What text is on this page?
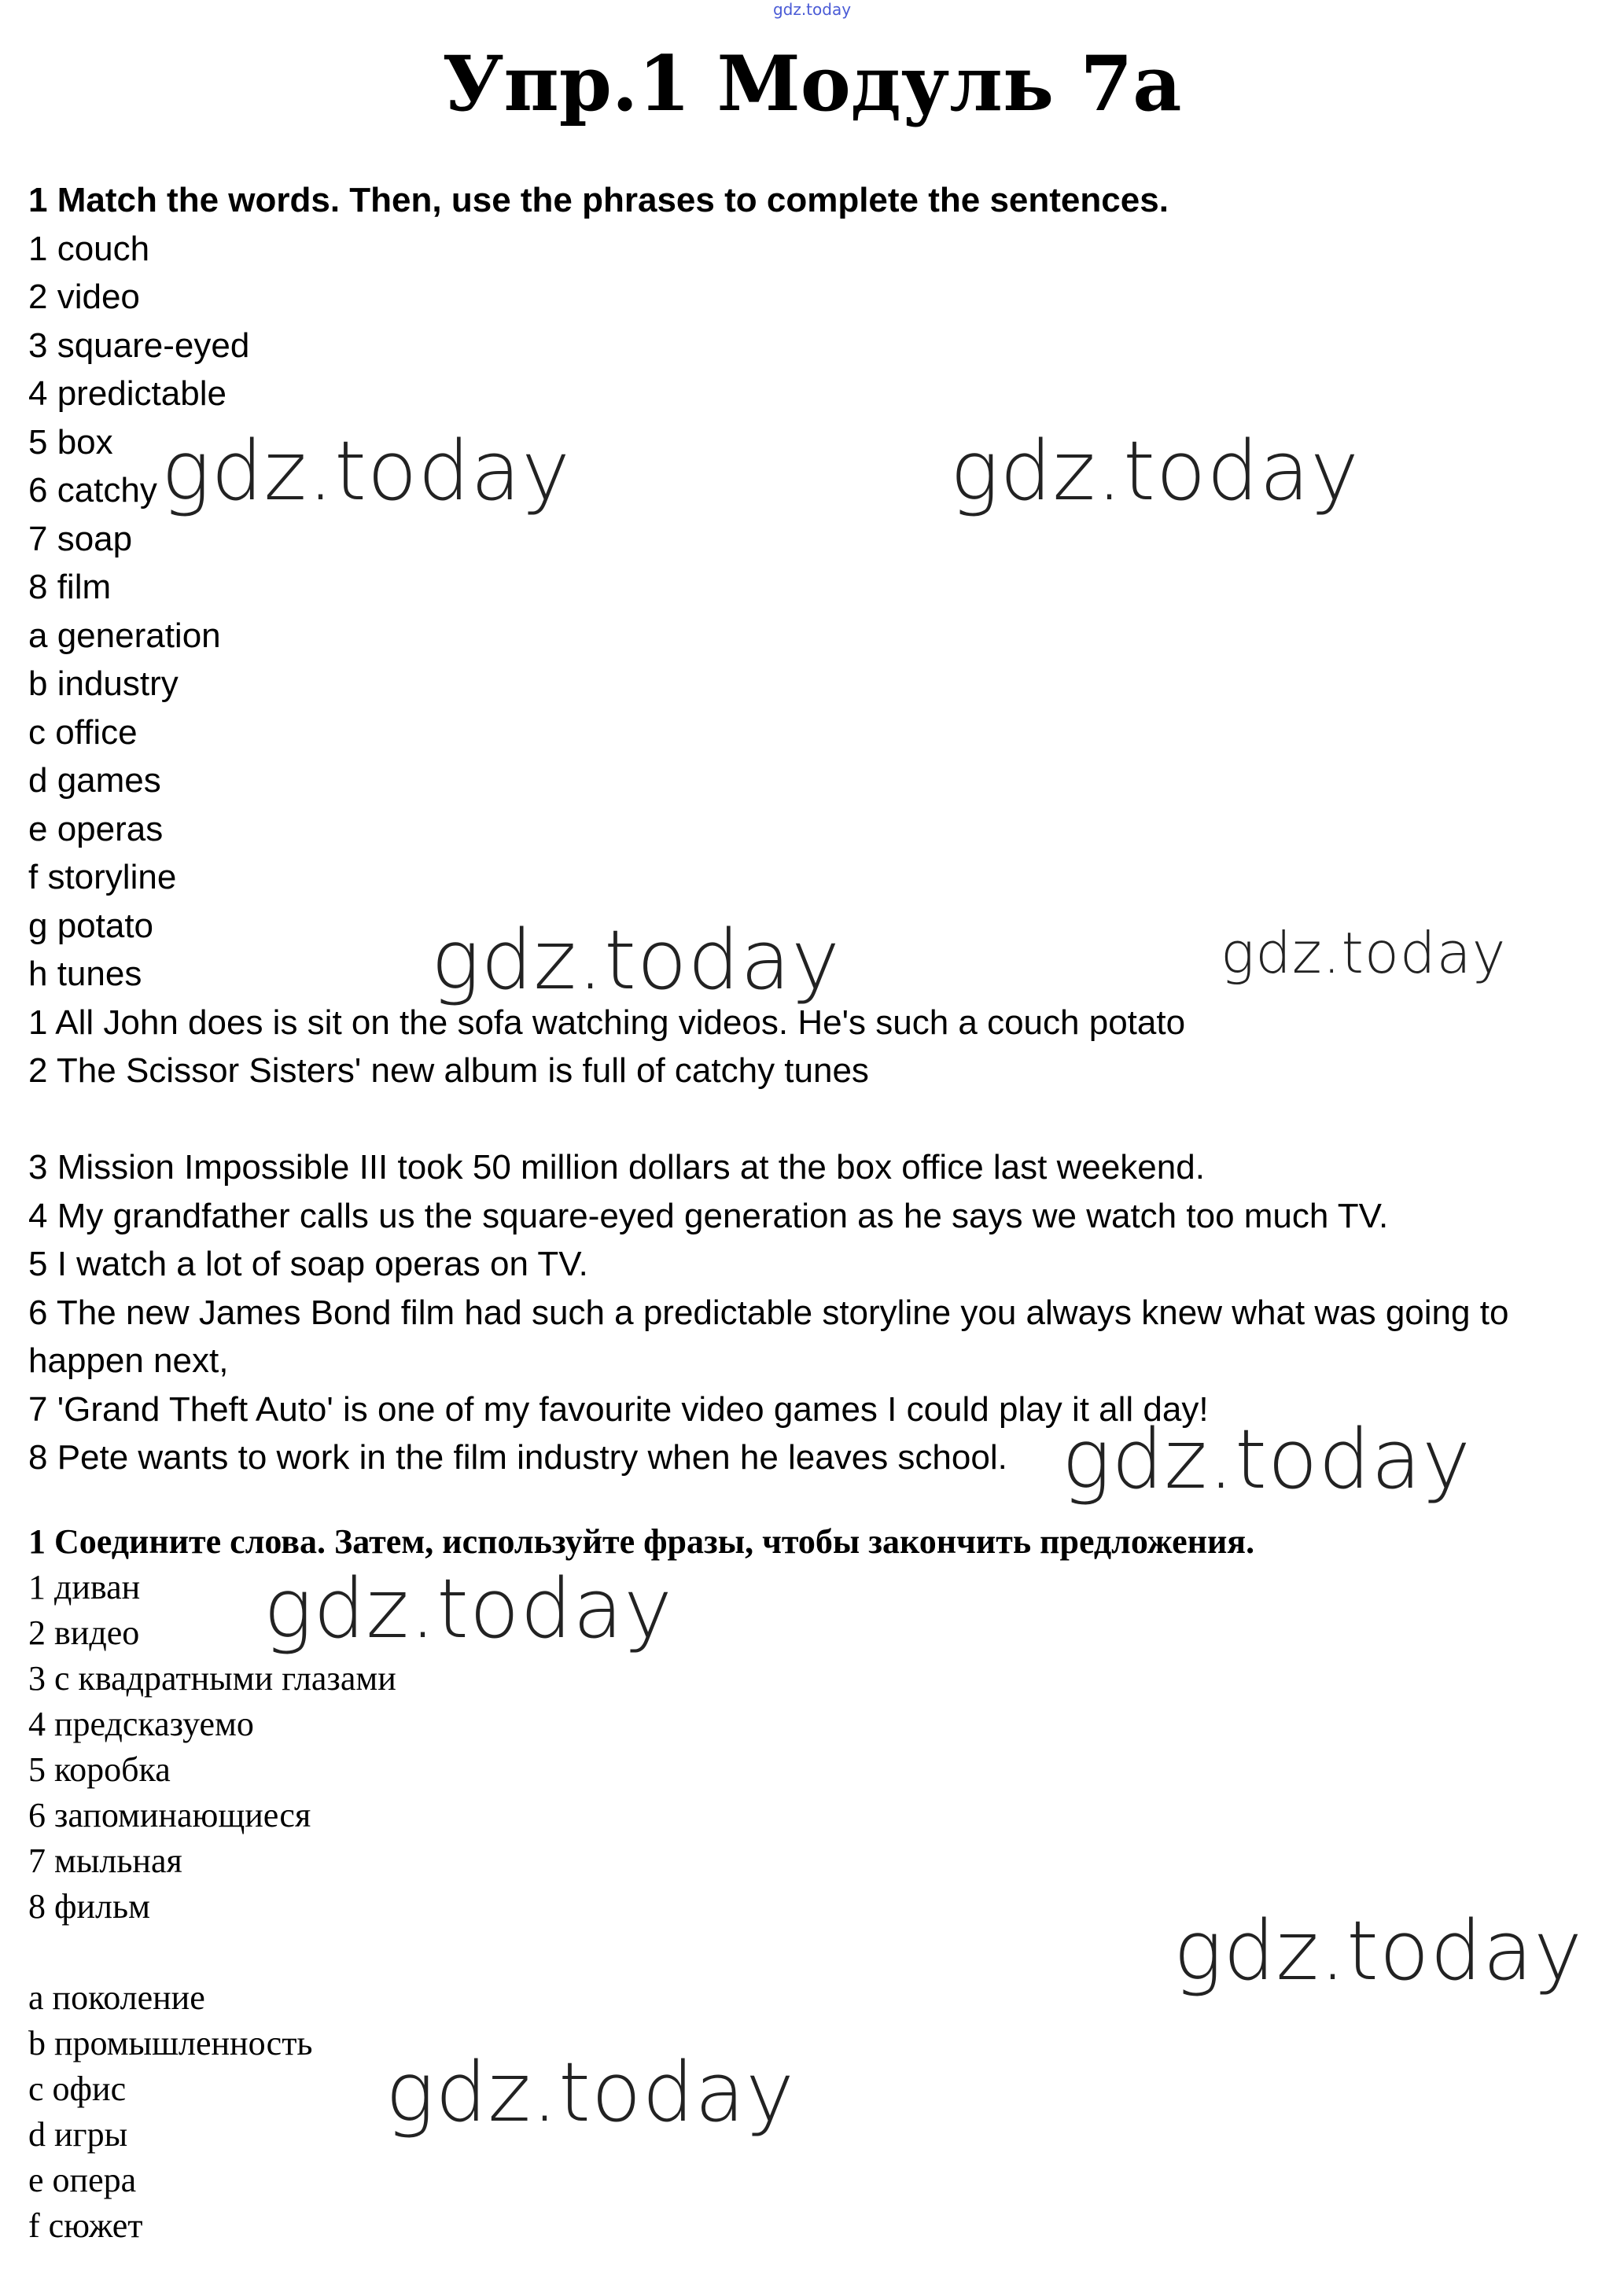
gdz.today
Упр.1 Модуль 7а
1 Match the words. Then, use the phrases to complete the sentences.
1 couch
2 video
3 square-eyed
4 predictable
5 box
6 catchy
7 soap
8 film
a generation
b industry
c office
d games
e operas
f storyline
g potato
h tunes
1 All John does is sit on the sofa watching videos. He's such a couch potato
2 The Scissor Sisters' new album is full of catchy tunes
3 Mission Impossible III took 50 million dollars at the box office last weekend.
4 My grandfather calls us the square-eyed generation as he says we watch too much TV.
5 I watch a lot of soap operas on TV.
6 The new James Bond film had such a predictable storyline you always knew what was going to happen next,
7 'Grand Theft Auto' is one of my favourite video games I could play it all day!
8 Pete wants to work in the film industry when he leaves school.
1 Соедините слова. Затем, используйте фразы, чтобы закончить предложения.
1 диван
2 видео
3 с квадратными глазами
4 предсказуемо
5 коробка
6 запоминающиеся
7 мыльная
8 фильм
a поколение
b промышленность
c офис
d игры
e опера
f сюжет
gdz.today	gdz.today
gdz.today	gdz.today
gdz.today
gdz.today
gdz.today
gdz.today
